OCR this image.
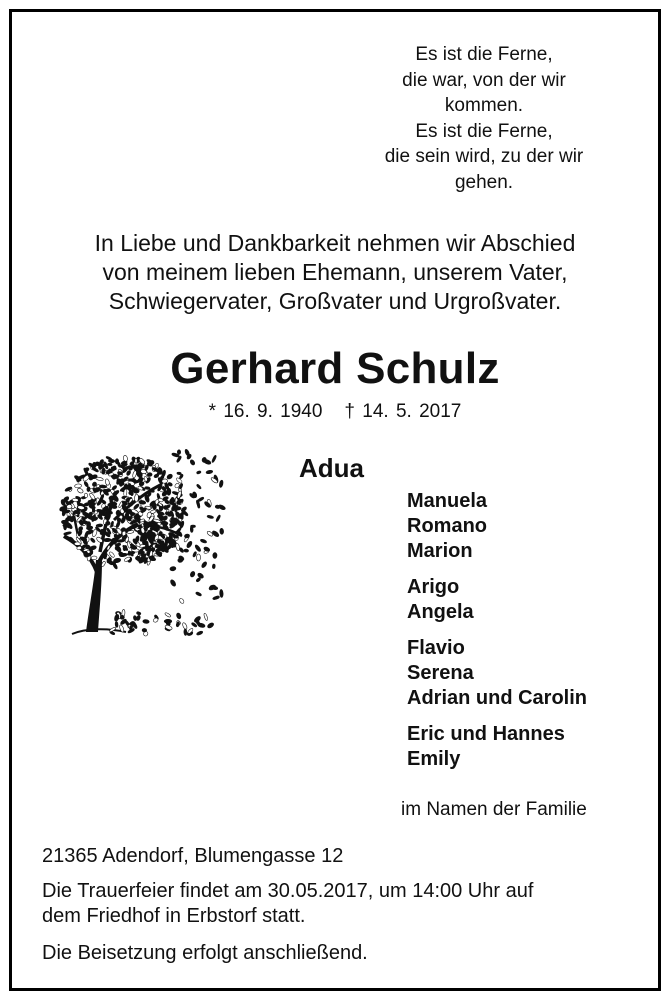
Es ist die Ferne,
die war, von der wir
kommen.
Es ist die Ferne,
die sein wird, zu der wir
gehen.
In Liebe und Dankbarkeit nehmen wir Abschied
von meinem lieben Ehemann, unserem Vater,
Schwiegervater, Großvater und Urgroßvater.
Gerhard Schulz
* 16. 9. 1940 † 14. 5. 2017
Adua
Manuela
Romano
Marion
Arigo
Angela
Flavio
Serena
Adrian und Carolin
Eric und Hannes
Emily
im Namen der Familie
21365 Adendorf, Blumengasse 12
Die Trauerfeier findet am 30.05.2017, um 14:00 Uhr auf
dem Friedhof in Erbstorf statt.
Die Beisetzung erfolgt anschließend.
